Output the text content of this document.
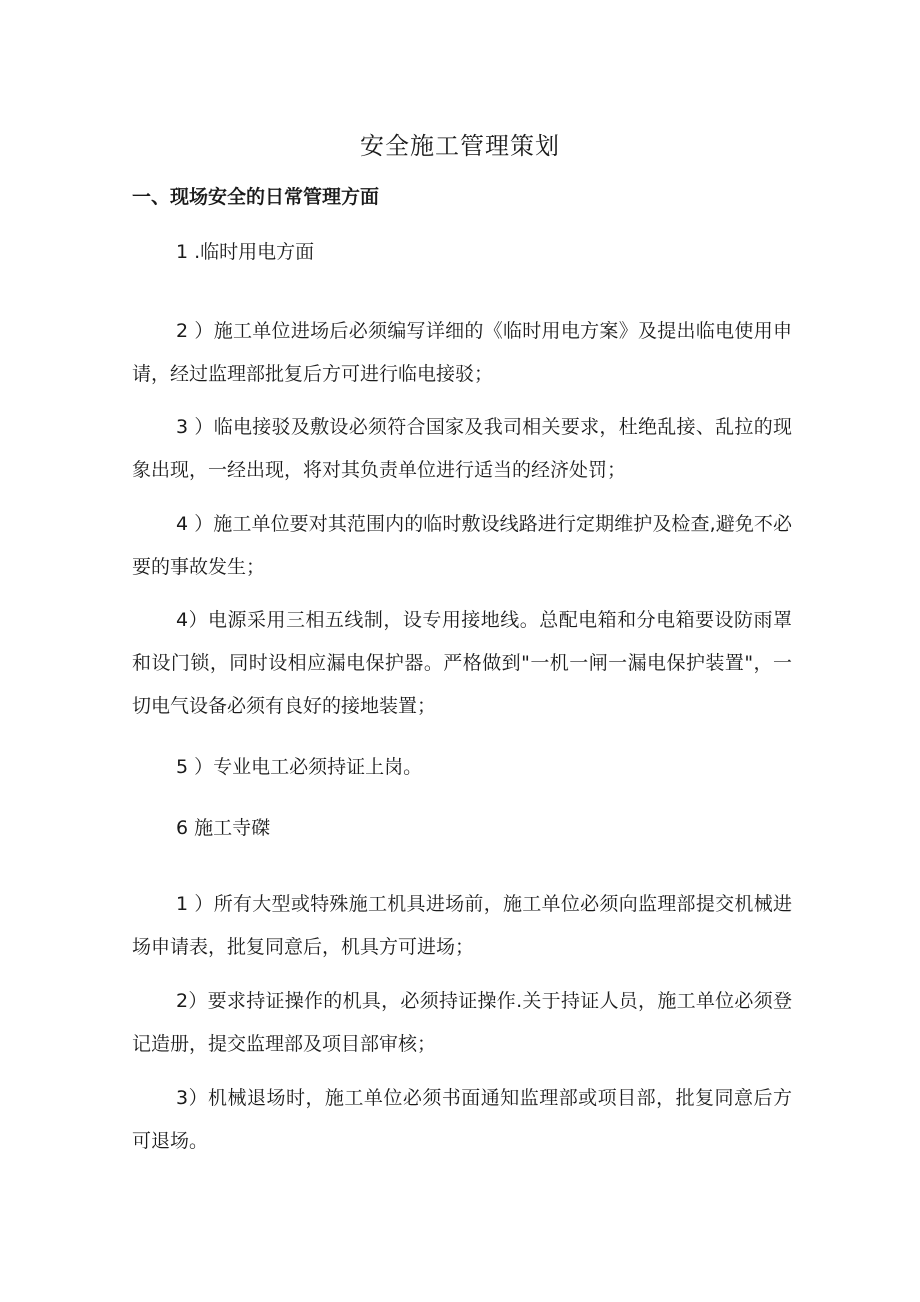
安全施工管理策划
一、现场安全的日常管理方面

1 .临时用电方面

2 ）施工单位进场后必须编写详细的《临时用电方案》及提出临电使用申请，经过监理部批复后方可进行临电接驳；

3 ）临电接驳及敷设必须符合国家及我司相关要求，杜绝乱接、乱拉的现象出现，一经出现，将对其负责单位进行适当的经济处罚；

4 ）施工单位要对其范围内的临时敷设线路进行定期维护及检查,避免不必要的事故发生；

4）电源采用三相五线制，设专用接地线。总配电箱和分电箱要设防雨罩和设门锁，同时设相应漏电保护器。严格做到"一机一闸一漏电保护装置"，一切电气设备必须有良好的接地装置；

5 ）专业电工必须持证上岗。

6 施工寺磔

1 ）所有大型或特殊施工机具进场前，施工单位必须向监理部提交机械进场申请表，批复同意后，机具方可进场；

2）要求持证操作的机具，必须持证操作.关于持证人员，施工单位必须登记造册，提交监理部及项目部审核；

3）机械退场时，施工单位必须书面通知监理部或项目部，批复同意后方可退场。
